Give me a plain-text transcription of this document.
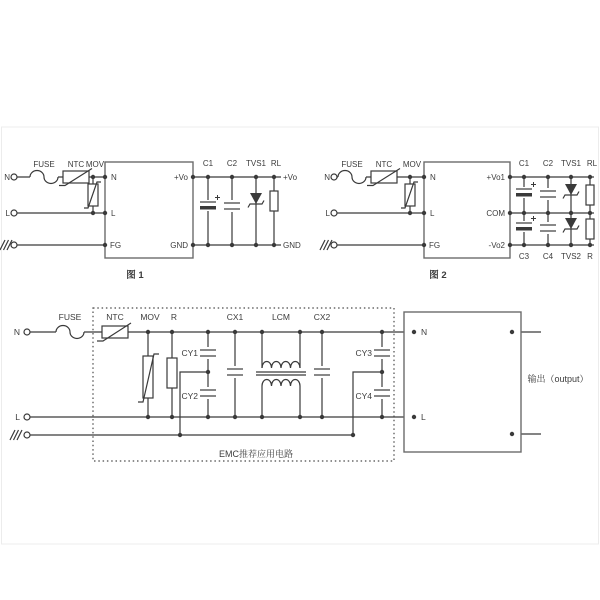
N
L
FUSE NTC MOV
N
L
FG
+Vo
GND
C1 C2 TVS1 RL
+Vo
GND
图 1
N
L
FUSE NTC MOV
N
L
FG
+Vo1
COM
-Vo2
C1 C2 TVS1 RL
C3 C4 TVS2 R
图 2
N
L
FUSE	NTC MOV R	CX1	LCM	CX2
CY1
CY2
CY3
CY4
N
L
EMC推荐应用电路
输出（output）
